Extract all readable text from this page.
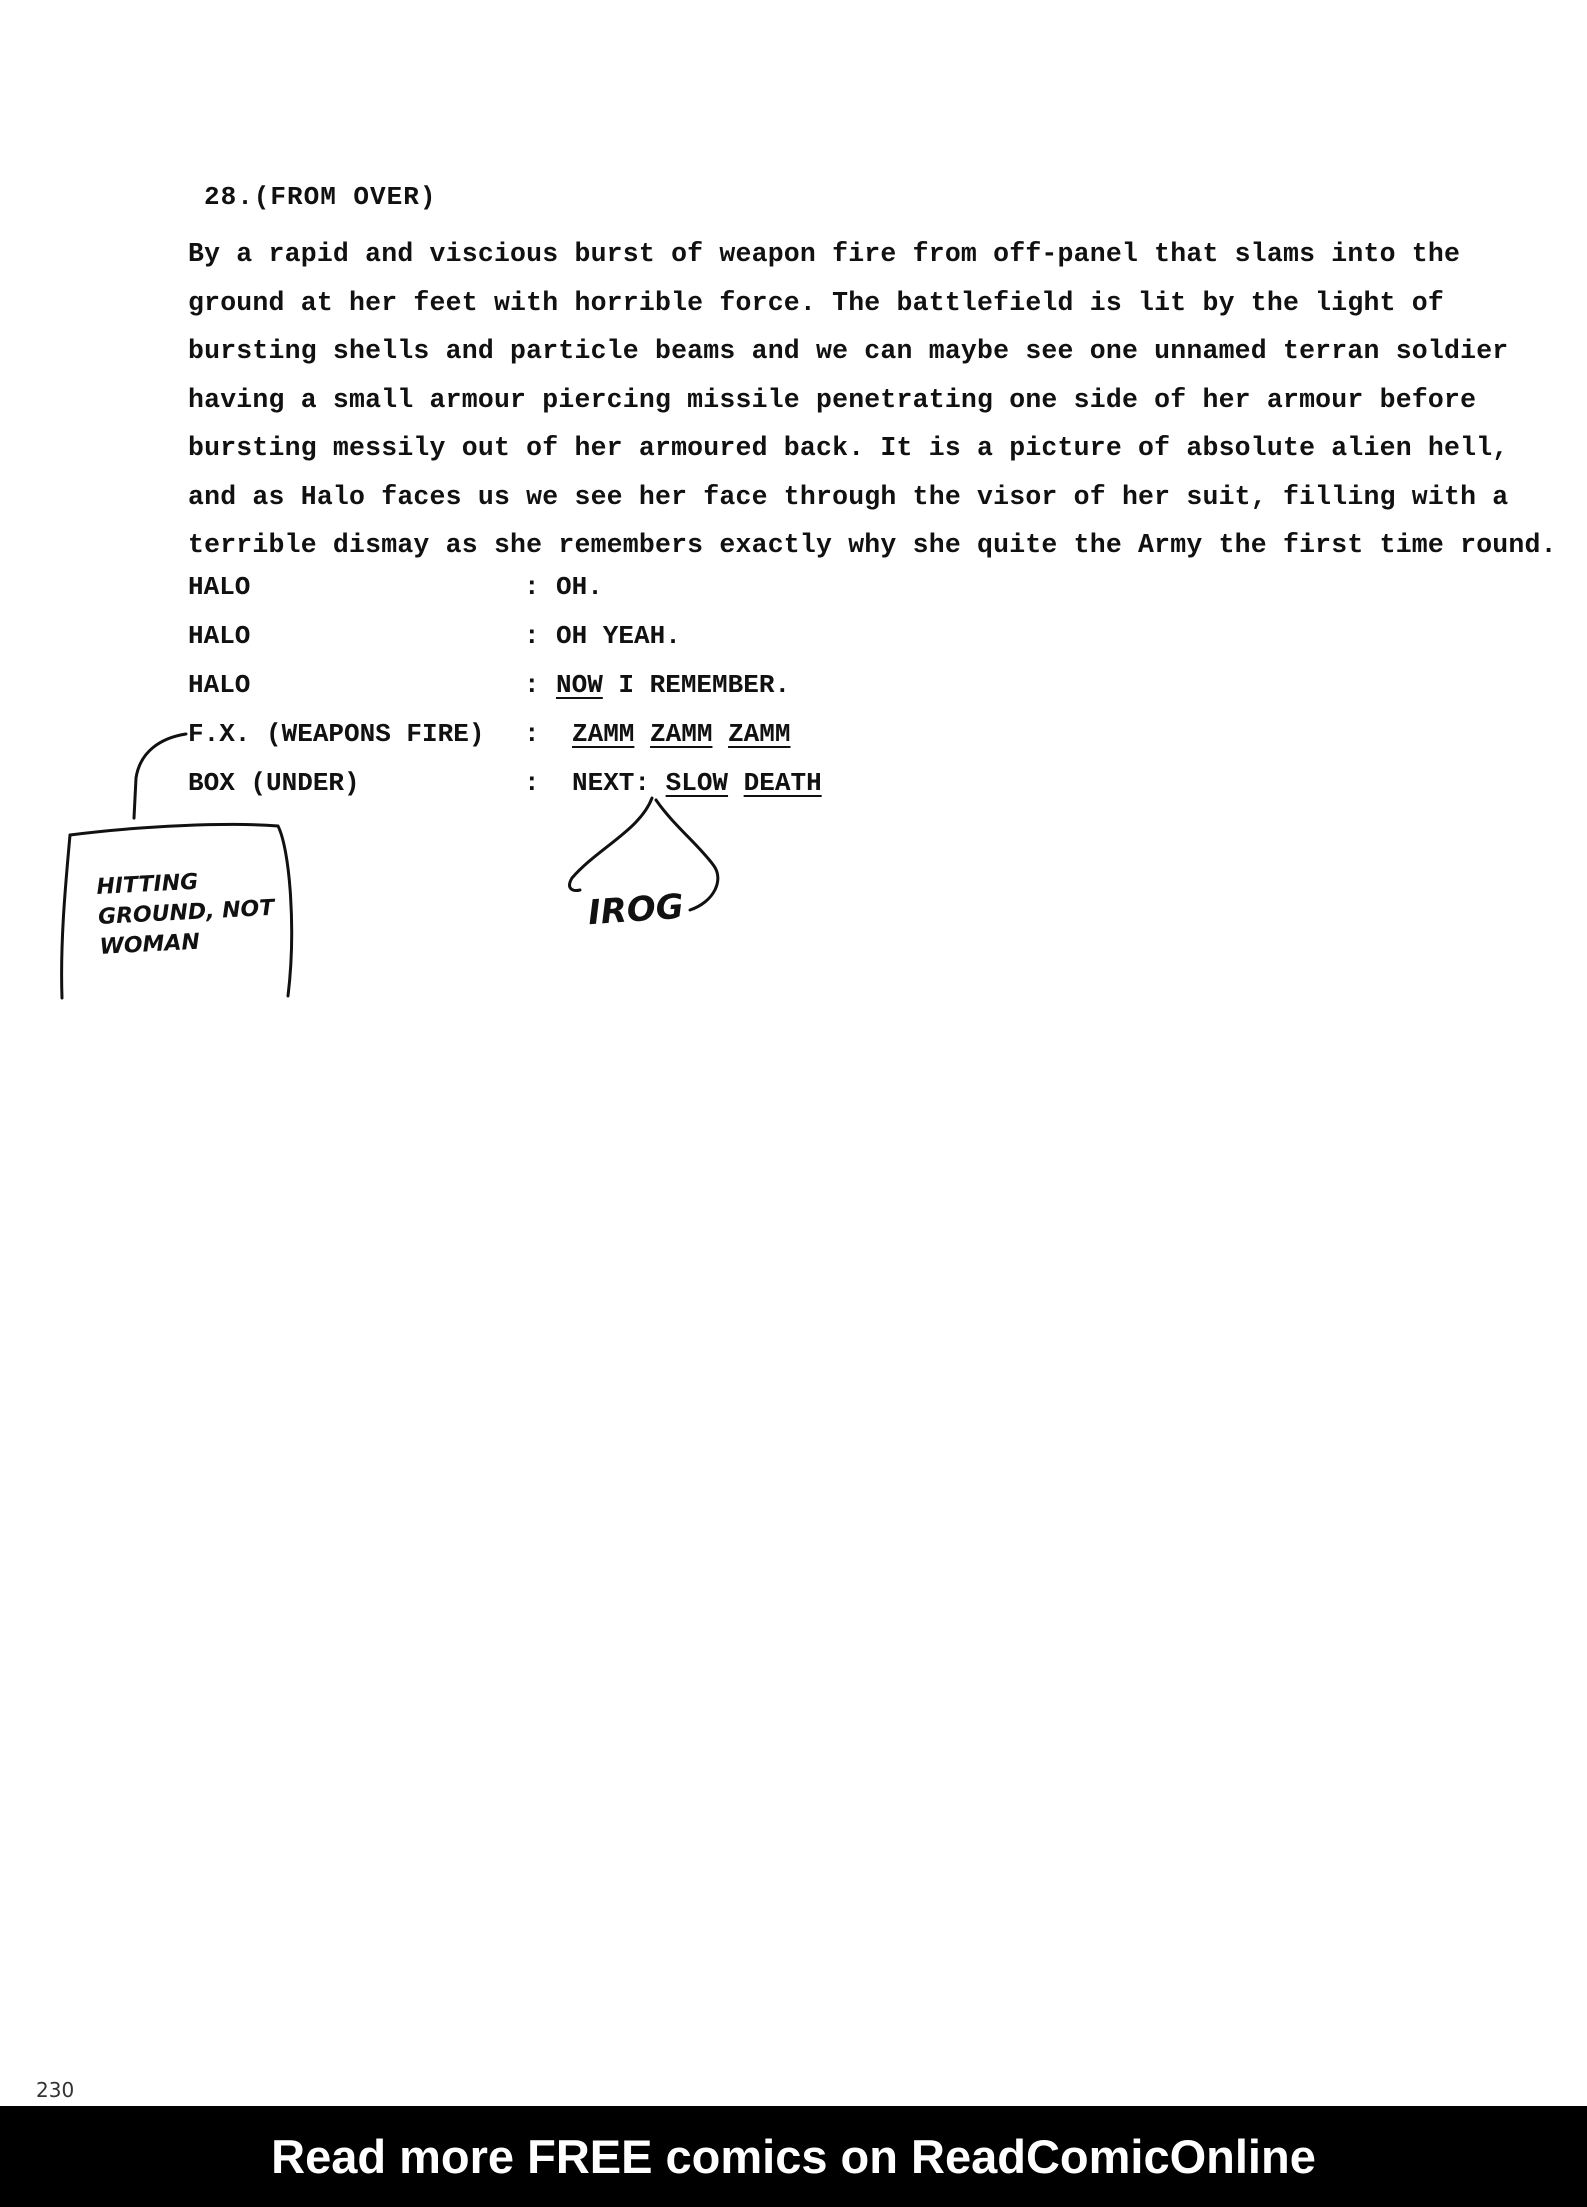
28.(FROM OVER)
By a rapid and viscious burst of weapon fire from off-panel that slams into the
ground at her feet with horrible force. The battlefield is lit by the light of
bursting shells and particle beams and we can maybe see one unnamed terran soldier
having a small armour piercing missile penetrating one side of her armour before
bursting messily out of her armoured back. It is a picture of absolute alien hell,
and as Halo faces us we see her face through the visor of her suit, filling with a
terrible dismay as she remembers exactly why she quite the Army the first time round.
HALO	: OH.
HALO	: OH YEAH.
HALO	: NOW I REMEMBER.
F.X. (WEAPONS FIRE) : ZAMM ZAMM ZAMM
BOX (UNDER)	: NEXT: SLOW DEATH
HITTING GROUND, NOT WOMAN
IROG
230
Read more FREE comics on ReadComicOnline
